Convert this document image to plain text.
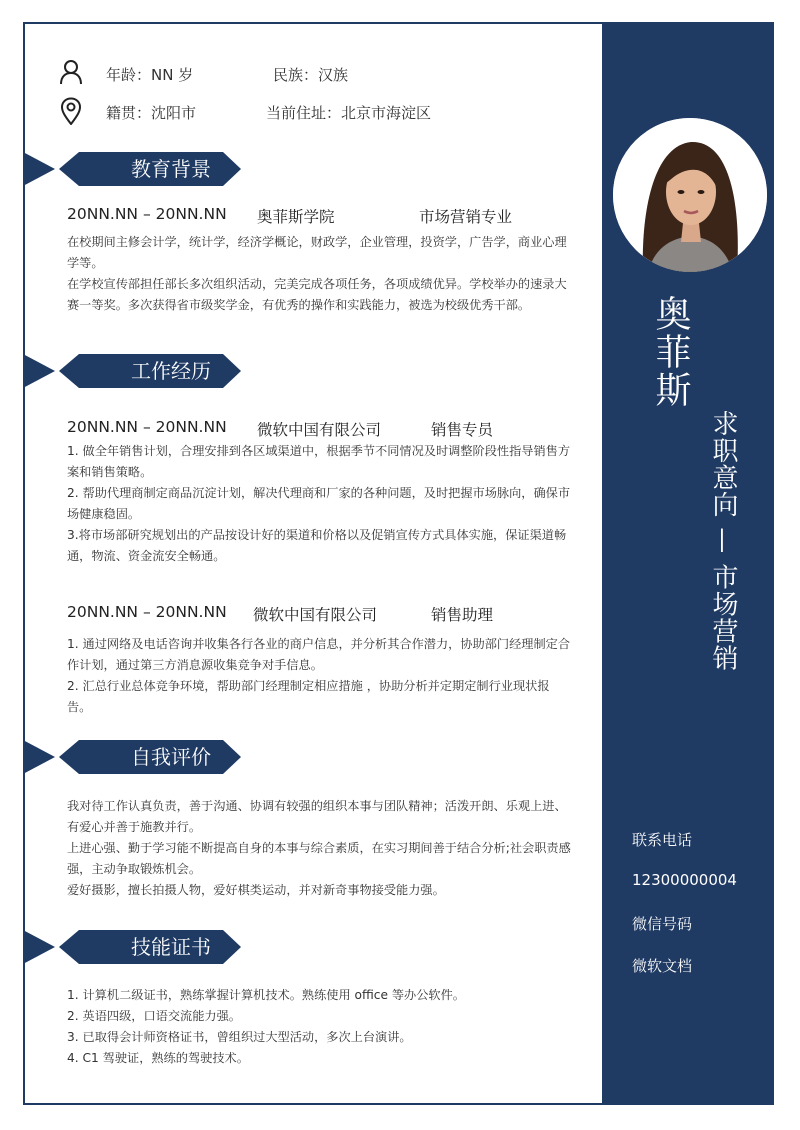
奥菲斯
求职意向 — 市场营销
联系电话
12300000004
微信号码
微软文档
年龄：NN 岁	民族：汉族
籍贯：沈阳市	当前住址：北京市海淀区
教育背景
20NN.NN – 20NN.NN 奥菲斯学院	市场营销专业

在校期间主修会计学，统计学，经济学概论，财政学，企业管理，投资学，广告学，商业心理学等。

在学校宣传部担任部长多次组织活动，完美完成各项任务，各项成绩优异。学校举办的速录大赛一等奖。多次获得省市级奖学金，有优秀的操作和实践能力，被选为校级优秀干部。

工作经历
20NN.NN – 20NN.NN 微软中国有限公司	销售专员

1. 做全年销售计划，合理安排到各区域渠道中，根据季节不同情况及时调整阶段性指导销售方案和销售策略。

2. 帮助代理商制定商品沉淀计划，解决代理商和厂家的各种问题，及时把握市场脉向，确保市场健康稳固。

3.将市场部研究规划出的产品按设计好的渠道和价格以及促销宣传方式具体实施，保证渠道畅通，物流、资金流安全畅通。

20NN.NN – 20NN.NN 微软中国有限公司	销售助理

1. 通过网络及电话咨询并收集各行各业的商户信息，并分析其合作潜力，协助部门经理制定合作计划，通过第三方消息源收集竞争对手信息。

2. 汇总行业总体竞争环境，帮助部门经理制定相应措施 ，协助分析并定期定制行业现状报告。

自我评价

我对待工作认真负责，善于沟通、协调有较强的组织本事与团队精神；活泼开朗、乐观上进、有爱心并善于施教并行。

上进心强、勤于学习能不断提高自身的本事与综合素质，在实习期间善于结合分析;社会职责感强，主动争取锻炼机会。

爱好摄影，擅长拍摄人物，爱好棋类运动，并对新奇事物接受能力强。

技能证书

1. 计算机二级证书，熟练掌握计算机技术。熟练使用 office 等办公软件。

2. 英语四级，口语交流能力强。

3. 已取得会计师资格证书，曾组织过大型活动，多次上台演讲。

4. C1 驾驶证，熟练的驾驶技术。
